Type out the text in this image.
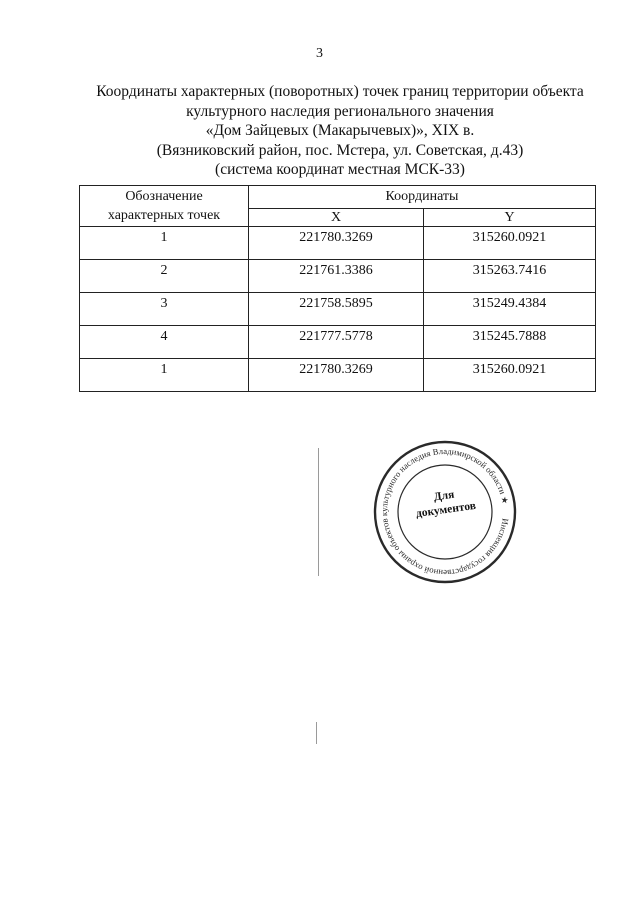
3
Координаты характерных (поворотных) точек границ территории объекта
культурного наследия регионального значения
«Дом Зайцевых (Макарычевых)», XIX в.
(Вязниковский район, пос. Мстера, ул. Советская, д.43)
(система координат местная МСК-33)
Обозначение
характерных точек	Координаты	
	X	Y
1	221780.3269	315260.0921
2	221761.3386	315263.7416
3	221758.5895	315249.4384
4	221777.5778	315245.7888
1	221780.3269	315260.0921
Инспекция государственной охраны объектов культурного наследия Владимирской области ★
Для
документов
